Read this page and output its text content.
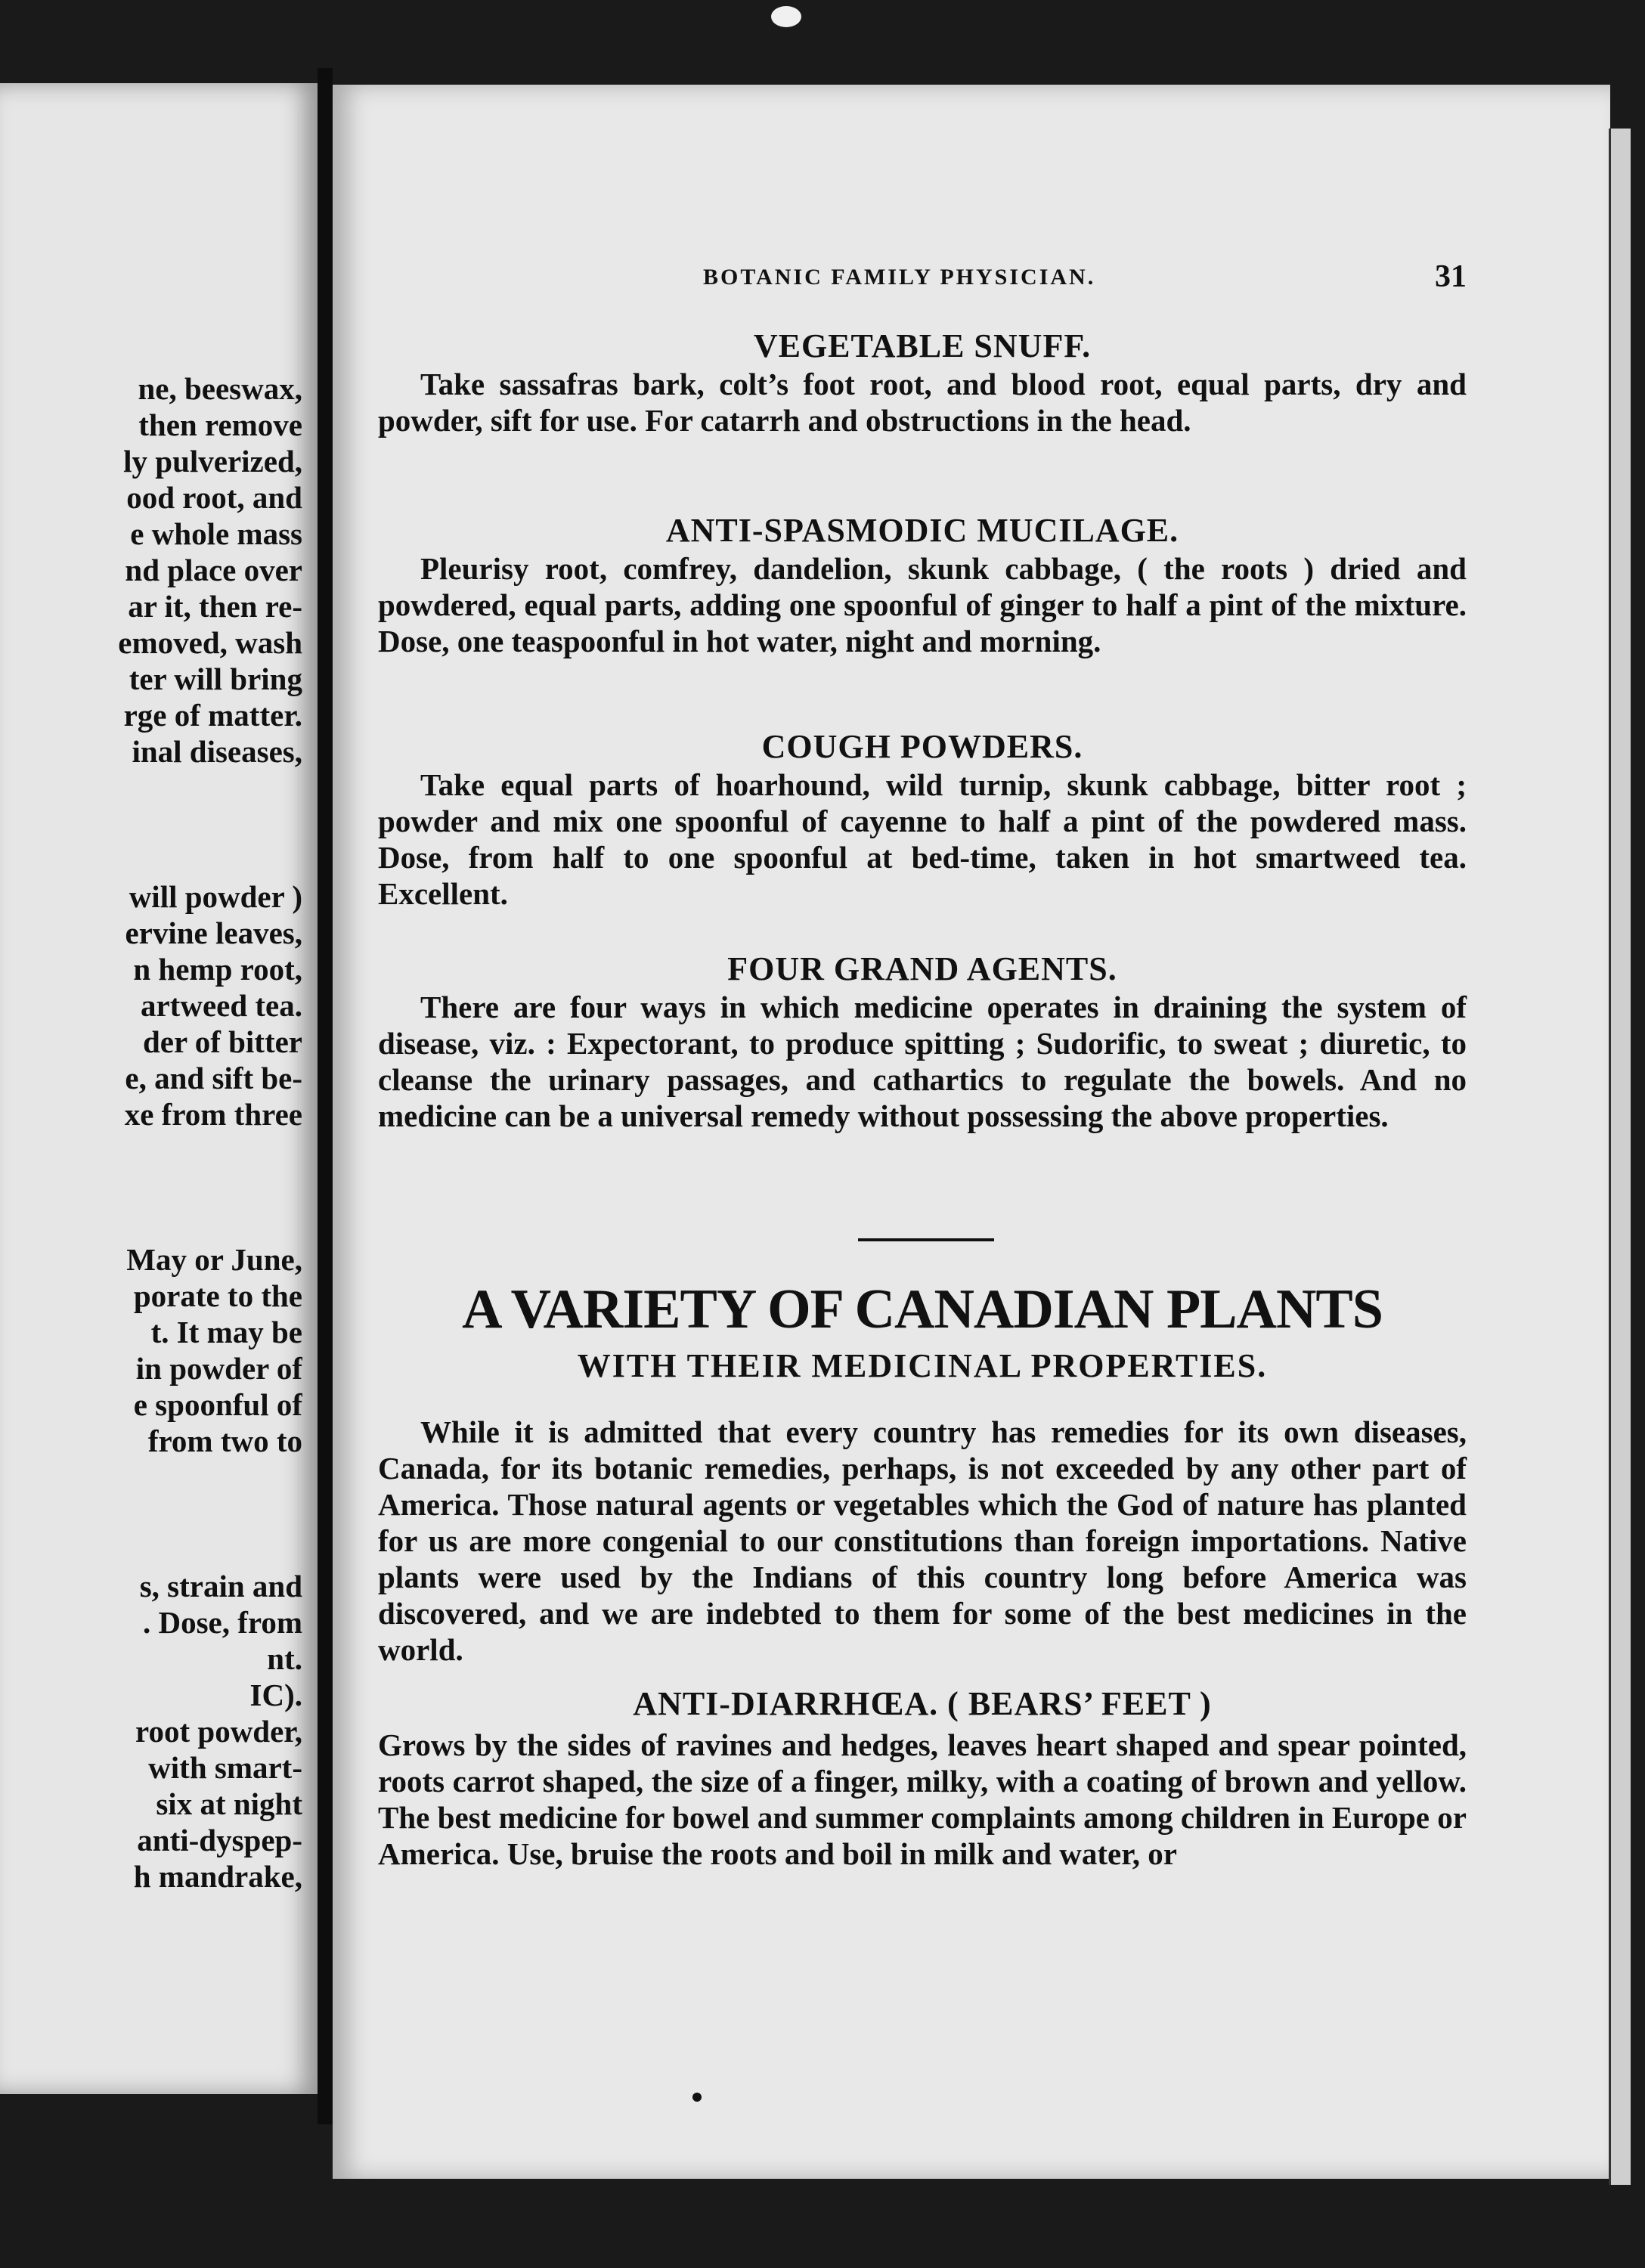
ne, beeswax,
then remove
ly pulverized,
ood root, and
e whole mass
nd place over
ar it, then re-
emoved, wash
ter will bring
rge of matter.
inal diseases,

will powder )
ervine leaves,
n hemp root,
artweed tea.
der of bitter
e, and sift be-
xe from three

May or June,
porate to the
t. It may be
in powder of
e spoonful of
from two to

s, strain and
. Dose, from
nt.
IC).
root powder,
with smart-
six at night
anti-dyspep-
h mandrake,
BOTANIC FAMILY PHYSICIAN.	31
VEGETABLE SNUFF.

Take sassafras bark, colt’s foot root, and blood root, equal parts, dry and powder, sift for use. For catarrh and obstructions in the head.

ANTI-SPASMODIC MUCILAGE.

Pleurisy root, comfrey, dandelion, skunk cabbage, ( the roots ) dried and powdered, equal parts, adding one spoonful of ginger to half a pint of the mixture. Dose, one teaspoonful in hot water, night and morning.

COUGH POWDERS.

Take equal parts of hoarhound, wild turnip, skunk cabbage, bitter root ; powder and mix one spoonful of cayenne to half a pint of the powdered mass. Dose, from half to one spoonful at bed-time, taken in hot smartweed tea. Excellent.

FOUR GRAND AGENTS.

There are four ways in which medicine operates in draining the system of disease, viz. : Expectorant, to produce spitting ; Sudorific, to sweat ; diuretic, to cleanse the urinary passages, and cathartics to regulate the bowels. And no medicine can be a universal remedy without possessing the above properties.

A VARIETY OF CANADIAN PLANTS
WITH THEIR MEDICINAL PROPERTIES.

While it is admitted that every country has remedies for its own diseases, Canada, for its botanic remedies, perhaps, is not exceeded by any other part of America. Those natural agents or vegetables which the God of nature has planted for us are more congenial to our constitutions than foreign importations. Native plants were used by the Indians of this country long before America was discovered, and we are indebted to them for some of the best medicines in the world.

ANTI-DIARRHŒA. ( BEARS’ FEET )

Grows by the sides of ravines and hedges, leaves heart shaped and spear pointed, roots carrot shaped, the size of a finger, milky, with a coating of brown and yellow. The best medicine for bowel and summer complaints among children in Europe or America. Use, bruise the roots and boil in milk and water, or
